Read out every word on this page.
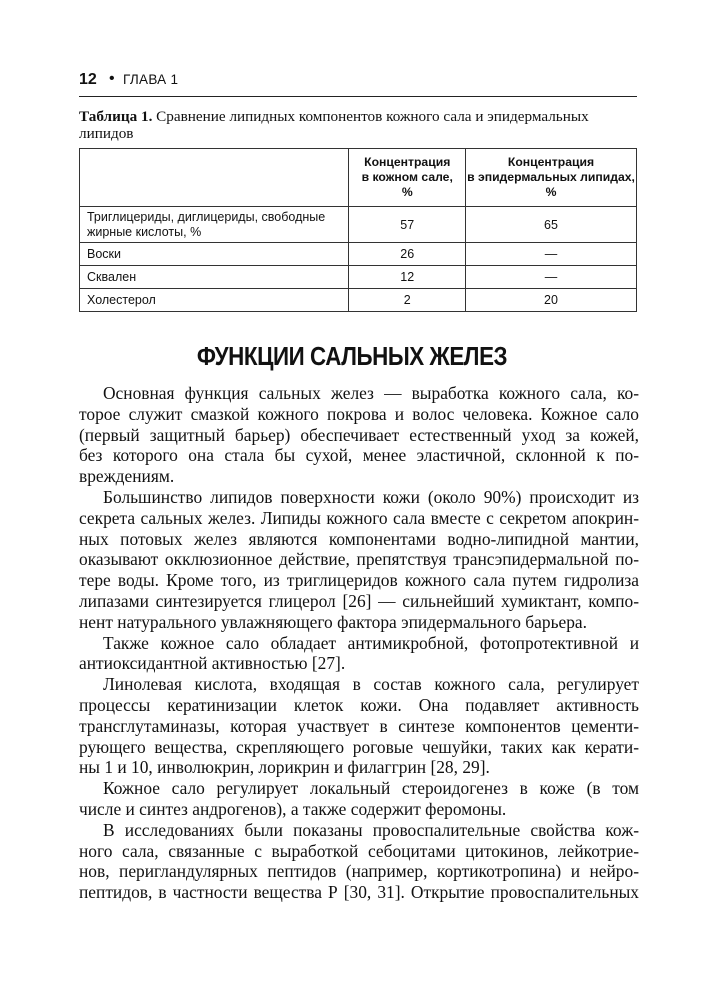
12 • ГЛАВА 1
Таблица 1. Сравнение липидных компонентов кожного сала и эпидермальных липидов

	Концентрация
в кожном сале,
%	Концентрация
в эпидермальных липидах,
%

Триглицериды, диглицериды, свободные
жирные кислоты, %	57	65
Воски	26	—
Сквален	12	—
Холестерол	2	20
ФУНКЦИИ САЛЬНЫХ ЖЕЛЕЗ
Основная функция сальных желез — выработка кожного сала, ко-
торое служит смазкой кожного покрова и волос человека. Кожное сало
(первый защитный барьер) обеспечивает естественный уход за кожей,
без которого она стала бы сухой, менее эластичной, склонной к по-
вреждениям.
Большинство липидов поверхности кожи (около 90%) происходит из
секрета сальных желез. Липиды кожного сала вместе с секретом апокрин-
ных потовых желез являются компонентами водно-липидной мантии,
оказывают окклюзионное действие, препятствуя трансэпидермальной по-
тере воды. Кроме того, из триглицеридов кожного сала путем гидролиза
липазами синтезируется глицерол [26] — сильнейший хумиктант, компо-
нент натурального увлажняющего фактора эпидермального барьера.
Также кожное сало обладает антимикробной, фотопротективной и
антиоксидантной активностью [27].
Линолевая кислота, входящая в состав кожного сала, регулирует
процессы кератинизации клеток кожи. Она подавляет активность
трансглутаминазы, которая участвует в синтезе компонентов цементи-
рующего вещества, скрепляющего роговые чешуйки, таких как керати-
ны 1 и 10, инволюкрин, лорикрин и филаггрин [28, 29].
Кожное сало регулирует локальный стероидогенез в коже (в том
числе и синтез андрогенов), а также содержит феромоны.
В исследованиях были показаны провоспалительные свойства кож-
ного сала, связанные с выработкой себоцитами цитокинов, лейкотрие-
нов, перигландулярных пептидов (например, кортикотропина) и нейро-
пептидов, в частности вещества Р [30, 31]. Открытие провоспалительных
